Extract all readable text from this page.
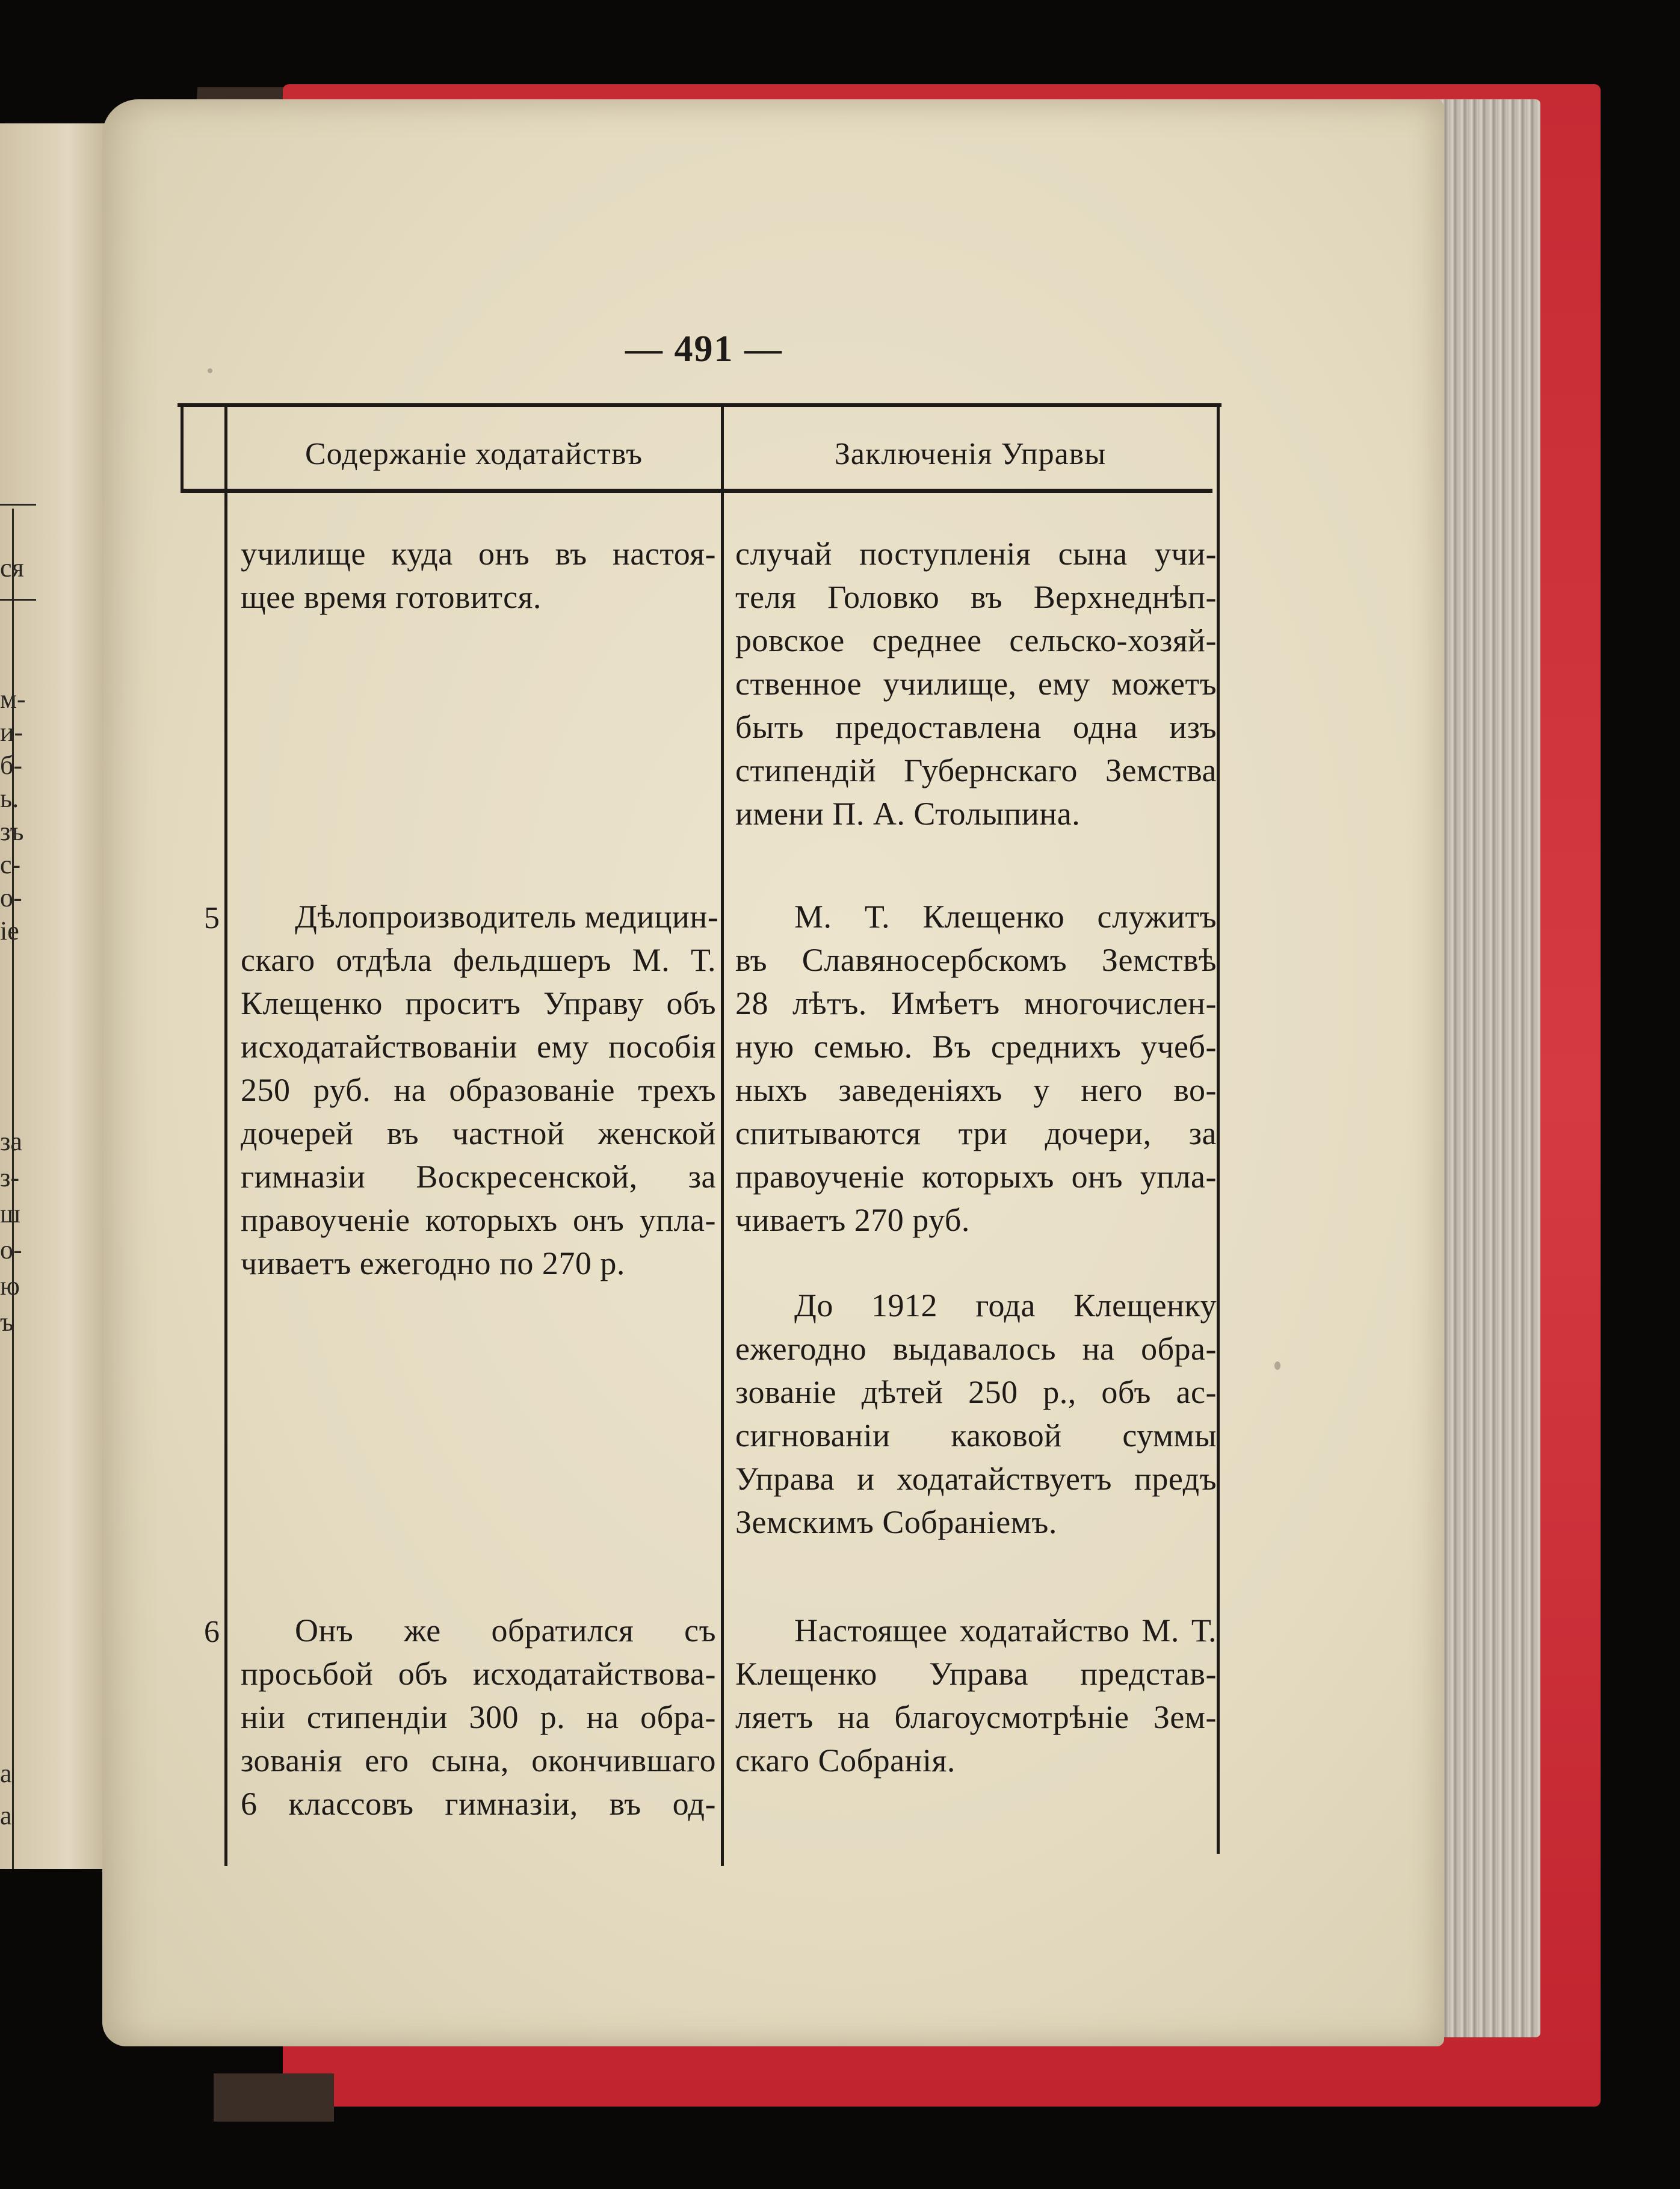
ся
м-
и-
б-
ь.
зъ
с-
о-
іе
за
з-
ш
о-
ю
ъ
а
а
— 491 —
Содержаніе ходатайствъ	Заключенія Управы
5
6
училище куда онъ въ настоя-
щее время готовится.
случай поступленія сына учи-
теля Головко въ Верхнеднѣп-
ровское среднее сельско-хозяй-
ственное училище, ему можетъ
быть предоставлена одна изъ
стипендій Губернскаго Земства
имени П. А. Столыпина.
Дѣлопроизводитель медицин-
скаго отдѣла фельдшеръ М. Т.
Клещенко проситъ Управу объ
исходатайствованіи ему пособія
250 руб. на образованіе трехъ
дочерей въ частной женской
гимназіи Воскресенской, за
правоученіе которыхъ онъ упла-
чиваетъ ежегодно по 270 р.
М. Т. Клещенко служитъ
въ Славяносербскомъ Земствѣ
28 лѣтъ. Имѣетъ многочислен-
ную семью. Въ среднихъ учеб-
ныхъ заведеніяхъ у него во-
спитываются три дочери, за
правоученіе которыхъ онъ упла-
чиваетъ 270 руб.
До 1912 года Клещенку
ежегодно выдавалось на обра-
зованіе дѣтей 250 р., объ ас-
сигнованіи каковой суммы
Управа и ходатайствуетъ предъ
Земскимъ Собраніемъ.
Онъ же обратился съ
просьбой объ исходатайствова-
ніи стипендіи 300 р. на обра-
зованія его сына, окончившаго
6 классовъ гимназіи, въ од-
Настоящее ходатайство М. Т.
Клещенко Управа представ-
ляетъ на благоусмотрѣніе Зем-
скаго Собранія.
